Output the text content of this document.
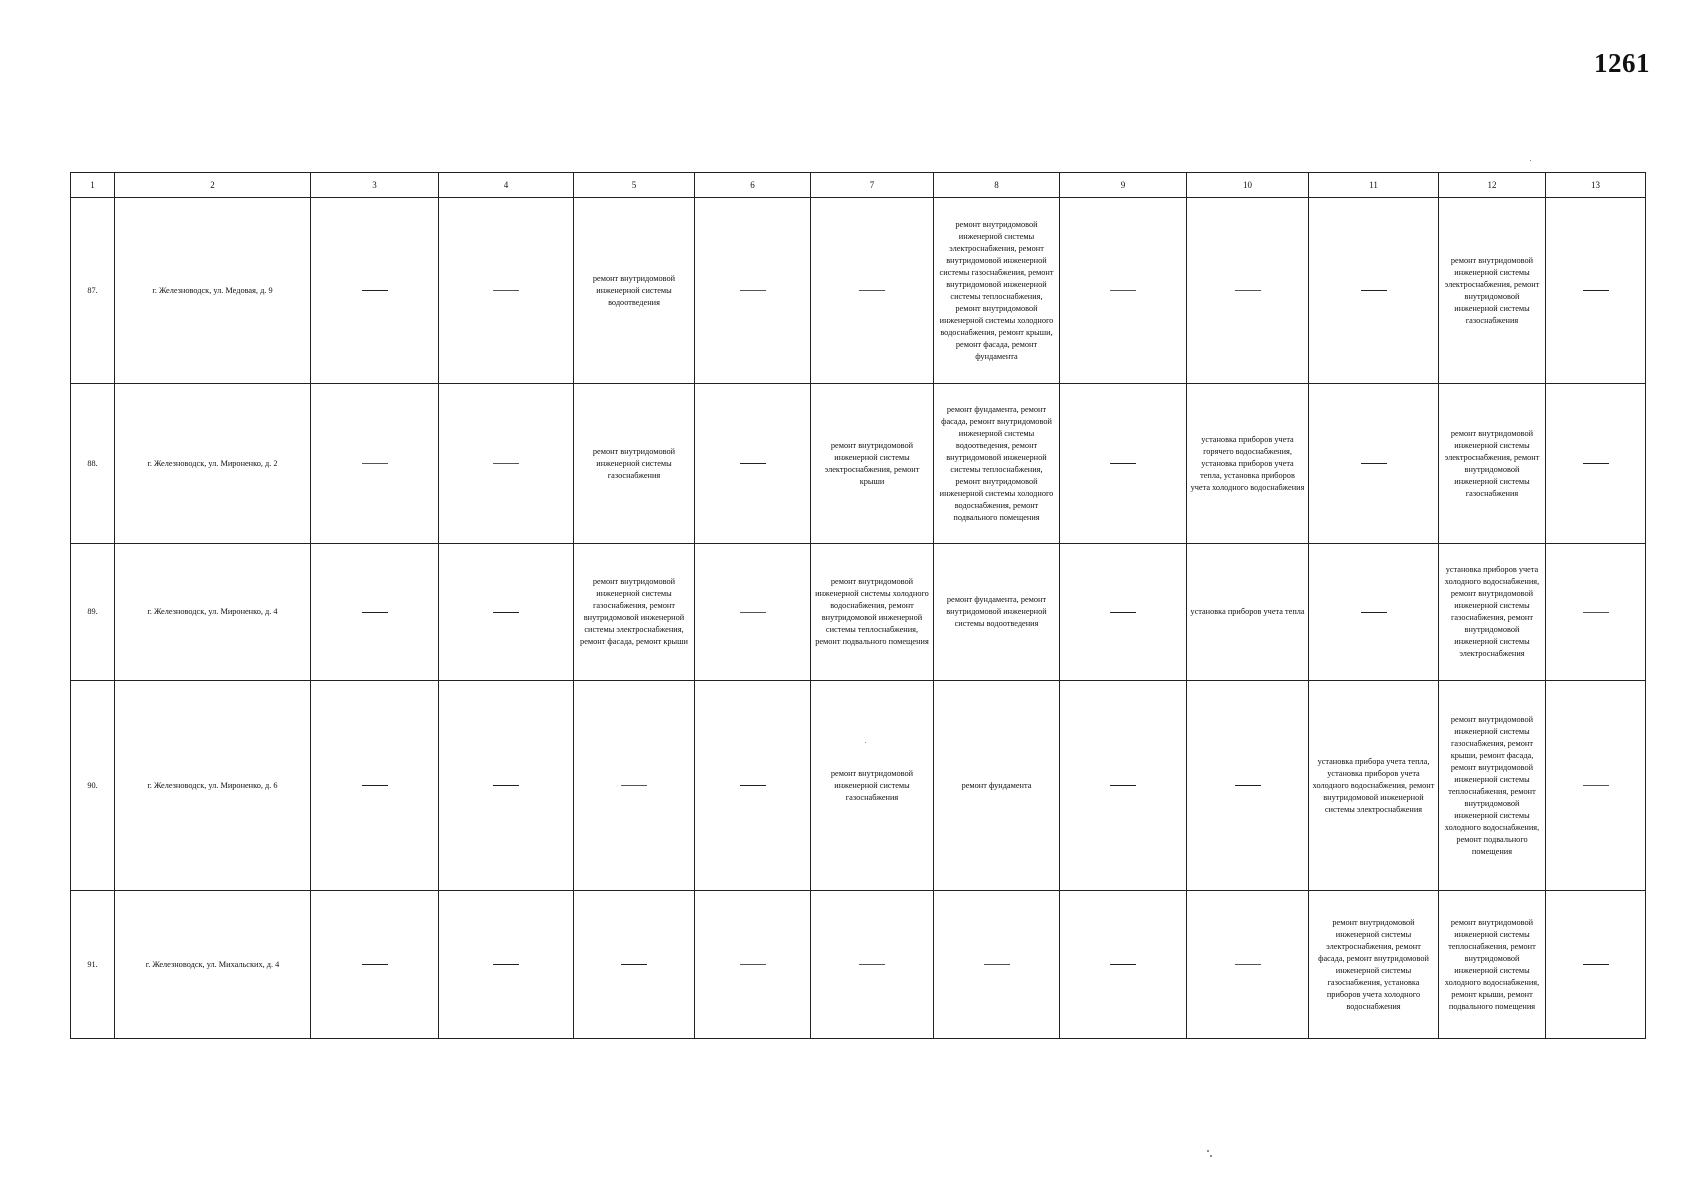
1261
1	2	3	4	5	6	7	8	9	10	11	12	13
87.	г. Железноводск, ул. Медовая, д. 9			ремонт внутридомовой инженерной системы водоотведения			ремонт внутридомовой инженерной системы электроснабжения, ремонт внутридомовой инженерной системы газоснабжения, ремонт внутридомовой инженерной системы теплоснабжения, ремонт внутридомовой инженерной системы холодного водоснабжения, ремонт крыши, ремонт фасада, ремонт фундамента				ремонт внутридомовой инженерной системы электроснабжения, ремонт внутридомовой инженерной системы газоснабжения	
88.	г. Железноводск, ул. Мироненко, д. 2			ремонт внутридомовой инженерной системы газоснабжения		ремонт внутридомовой инженерной системы электроснабжения, ремонт крыши	ремонт фундамента, ремонт фасада, ремонт внутридомовой инженерной системы водоотведения, ремонт внутридомовой инженерной системы теплоснабжения, ремонт внутридомовой инженерной системы холодного водоснабжения, ремонт подвального помещения		установка приборов учета горячего водоснабжения, установка приборов учета тепла, установка приборов учета холодного водоснабжения		ремонт внутридомовой инженерной системы электроснабжения, ремонт внутридомовой инженерной системы газоснабжения	
89.	г. Железноводск, ул. Мироненко, д. 4			ремонт внутридомовой инженерной системы газоснабжения, ремонт внутридомовой инженерной системы электроснабжения, ремонт фасада, ремонт крыши		ремонт внутридомовой инженерной системы холодного водоснабжения, ремонт внутридомовой инженерной системы теплоснабжения, ремонт подвального помещения	ремонт фундамента, ремонт внутридомовой инженерной системы водоотведения		установка приборов учета тепла		установка приборов учета холодного водоснабжения, ремонт внутридомовой инженерной системы газоснабжения, ремонт внутридомовой инженерной системы электроснабжения	
90.	г. Железноводск, ул. Мироненко, д. 6					ремонт внутридомовой инженерной системы газоснабжения	ремонт фундамента			установка прибора учета тепла, установка приборов учета холодного водоснабжения, ремонт внутридомовой инженерной системы электроснабжения	ремонт внутридомовой инженерной системы газоснабжения, ремонт крыши, ремонт фасада, ремонт внутридомовой инженерной системы теплоснабжения, ремонт внутридомовой инженерной системы холодного водоснабжения, ремонт подвального помещения	
91.	г. Железноводск, ул. Михальских, д. 4									ремонт внутридомовой инженерной системы электроснабжения, ремонт фасада, ремонт внутридомовой инженерной системы газоснабжения, установка приборов учета холодного водоснабжения	ремонт внутридомовой инженерной системы теплоснабжения, ремонт внутридомовой инженерной системы холодного водоснабжения, ремонт крыши, ремонт подвального помещения	
